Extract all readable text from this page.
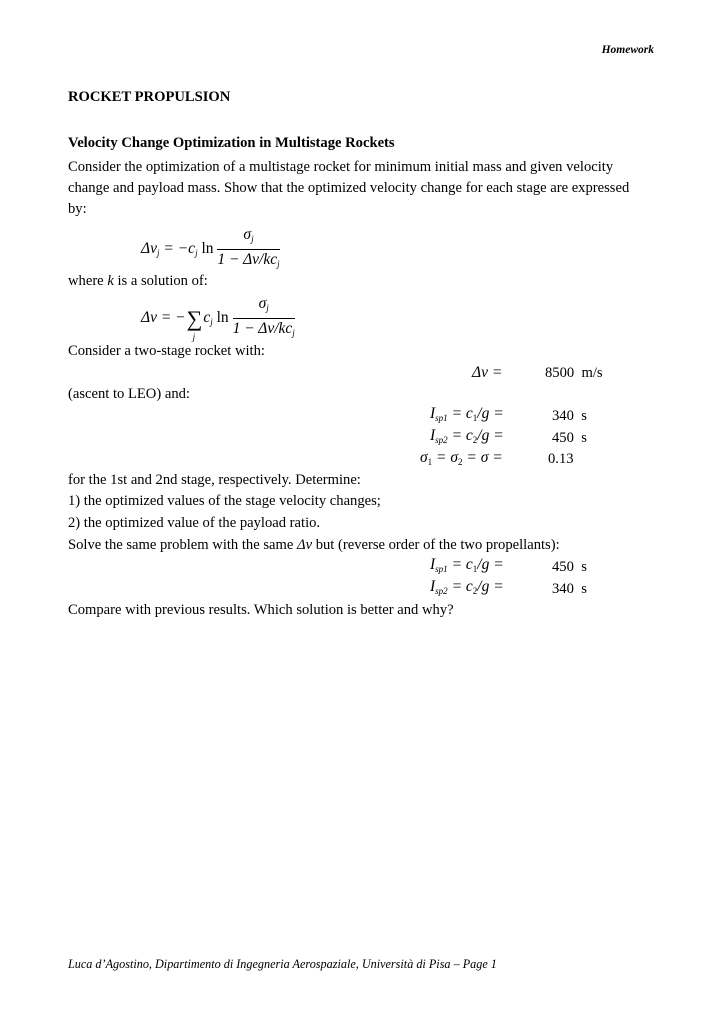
Homework
ROCKET PROPULSION
Velocity Change Optimization in Multistage Rockets
Consider the optimization of a multistage rocket for minimum initial mass and given velocity change and payload mass. Show that the optimized velocity change for each stage are expressed by:
$\Delta v_j = -c_j$ $\ln \frac{\sigma_j}{1 - \Delta v/kc_j}$
where k is a solution of:
Δv = −∑
j
$c_j$ $\ln \frac{\sigma_j}{1 - \Delta v/kc_j}$
Consider a two-stage rocket with:
Δv =	8500 m/s
(ascent to LEO) and:
$I_{sp1} = c_1/g$ =	340 s
$I_{sp2} = c_2/g$ =	450 s
$\sigma_1 = \sigma_2 = \sigma$ =	0.13
for the 1st and 2nd stage, respectively. Determine:
1) the optimized values of the stage velocity changes;
2) the optimized value of the payload ratio.
Solve the same problem with the same Δv but (reverse order of the two propellants):
$I_{sp1} = c_1/g$ =	450 s
$I_{sp2} = c_2/g$ =	340 s
Compare with previous results. Which solution is better and why?
Luca d’Agostino, Dipartimento di Ingegneria Aerospaziale, Università di Pisa – Page 1
